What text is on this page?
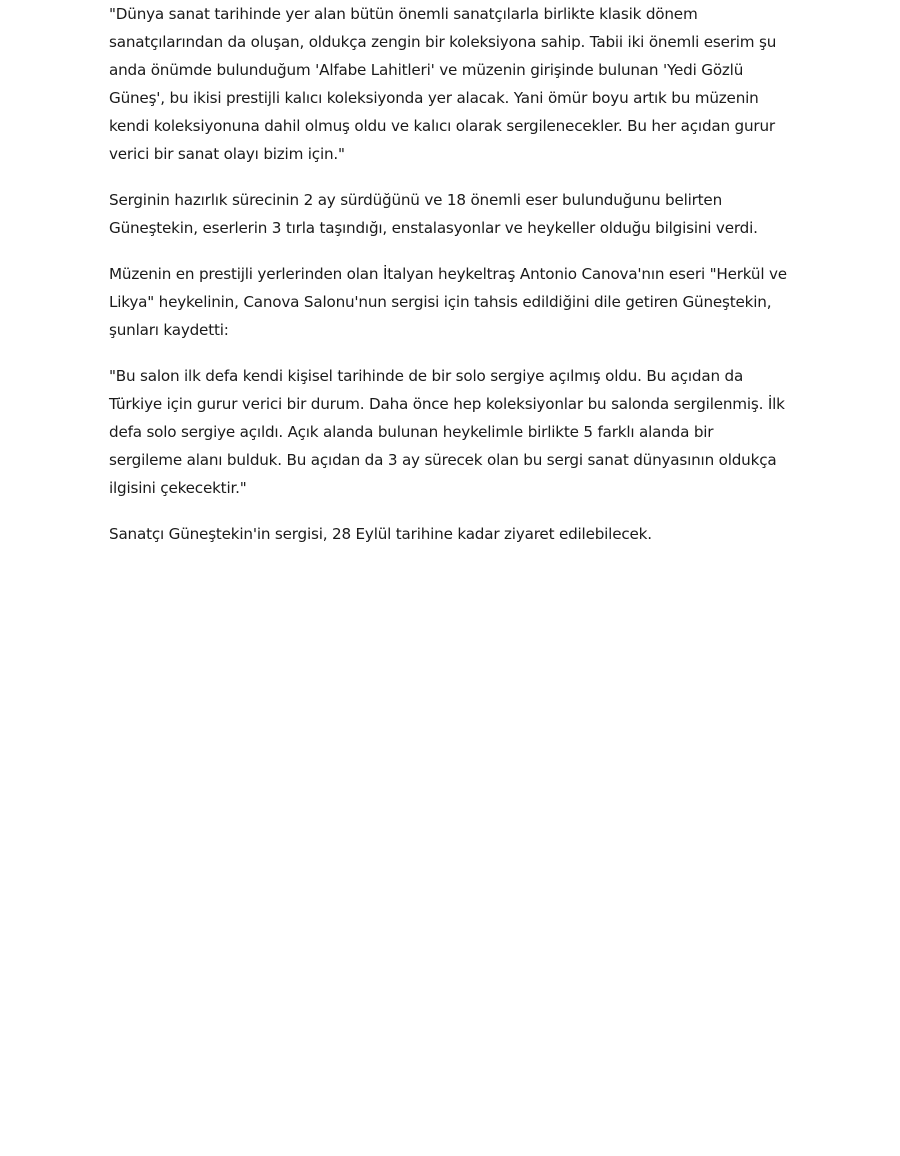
"Dünya sanat tarihinde yer alan bütün önemli sanatçılarla birlikte klasik dönem sanatçılarından da oluşan, oldukça zengin bir koleksiyona sahip. Tabii iki önemli eserim şu anda önümde bulunduğum 'Alfabe Lahitleri' ve müzenin girişinde bulunan 'Yedi Gözlü Güneş', bu ikisi prestijli kalıcı koleksiyonda yer alacak. Yani ömür boyu artık bu müzenin kendi koleksiyonuna dahil olmuş oldu ve kalıcı olarak sergilenecekler. Bu her açıdan gurur verici bir sanat olayı bizim için."

Serginin hazırlık sürecinin 2 ay sürdüğünü ve 18 önemli eser bulunduğunu belirten Güneştekin, eserlerin 3 tırla taşındığı, enstalasyonlar ve heykeller olduğu bilgisini verdi.

Müzenin en prestijli yerlerinden olan İtalyan heykeltraş Antonio Canova'nın eseri "Herkül ve Likya" heykelinin, Canova Salonu'nun sergisi için tahsis edildiğini dile getiren Güneştekin, şunları kaydetti:

"Bu salon ilk defa kendi kişisel tarihinde de bir solo sergiye açılmış oldu. Bu açıdan da Türkiye için gurur verici bir durum. Daha önce hep koleksiyonlar bu salonda sergilenmiş. İlk defa solo sergiye açıldı. Açık alanda bulunan heykelimle birlikte 5 farklı alanda bir sergileme alanı bulduk. Bu açıdan da 3 ay sürecek olan bu sergi sanat dünyasının oldukça ilgisini çekecektir."

Sanatçı Güneştekin'in sergisi, 28 Eylül tarihine kadar ziyaret edilebilecek.
